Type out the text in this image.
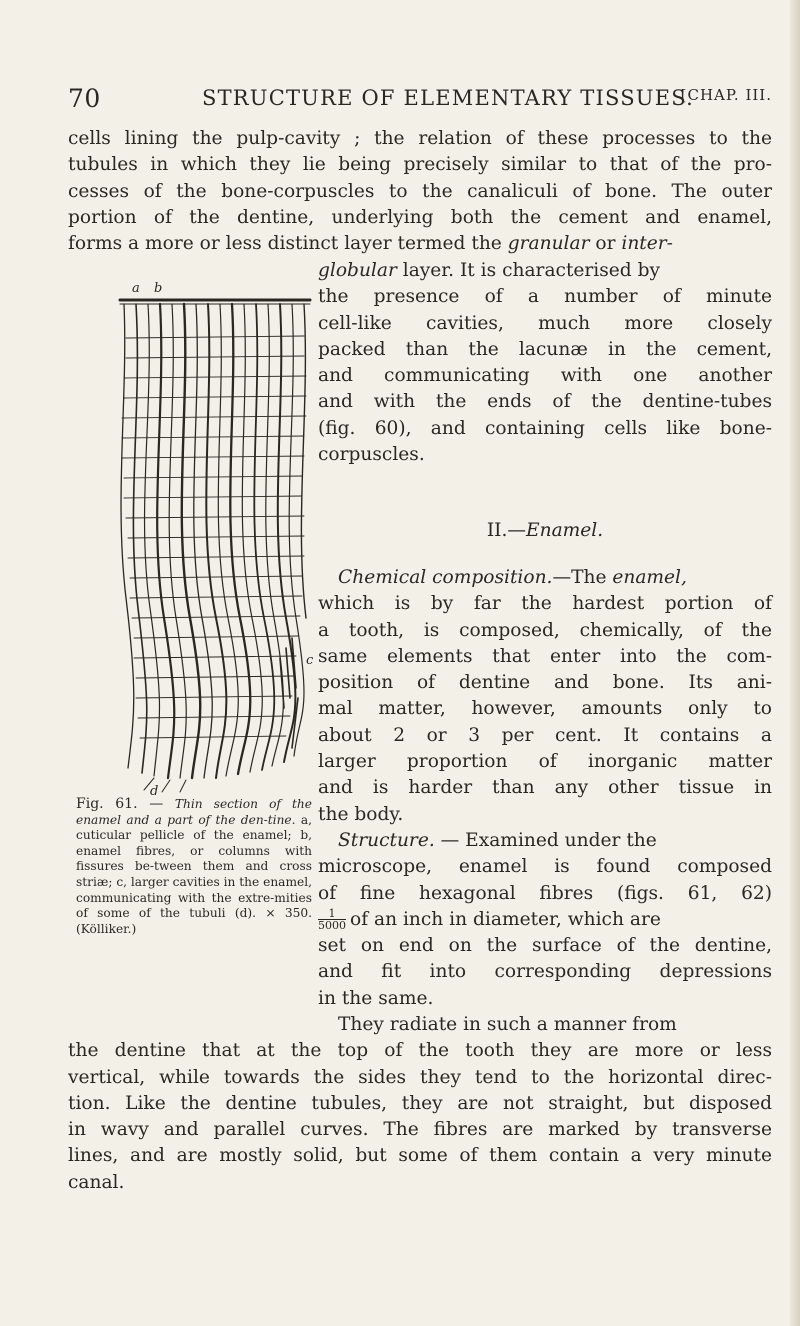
70	STRUCTURE OF ELEMENTARY TISSUES.
[CHAP. III.
cells lining the pulp-cavity ; the relation of these processes to the
tubules in which they lie being precisely similar to that of the pro-
cesses of the bone-corpuscles to the canaliculi of bone. The outer
portion of the dentine, underlying both the cement and enamel,
forms a more or less distinct layer termed the granular or inter-
globular layer. It is characterised by
the presence of a number of minute
cell-like cavities, much more closely
packed than the lacunæ in the cement,
and communicating with one another
and with the ends of the dentine-tubes
(fig. 60), and containing cells like bone-
corpuscles.
II.—Enamel.
Chemical composition.—The enamel,
which is by far the hardest portion of
a tooth, is composed, chemically, of the
same elements that enter into the com-
position of dentine and bone. Its ani-
mal matter, however, amounts only to
about 2 or 3 per cent. It contains a
larger proportion of inorganic matter
and is harder than any other tissue in
the body.
Structure. — Examined under the
microscope, enamel is found composed
of fine hexagonal fibres (figs. 61, 62)
$\frac{1}{5000}$ of an inch in diameter, which are
set on end on the surface of the dentine,
and fit into corresponding depressions
in the same.
They radiate in such a manner from
the dentine that at the top of the tooth they are more or less
vertical, while towards the sides they tend to the horizontal direc-
tion. Like the dentine tubules, they are not straight, but disposed
in wavy and parallel curves. The fibres are marked by transverse
lines, and are mostly solid, but some of them contain a very minute
canal.
a b
c
d
Fig. 61. — Thin section of the enamel and a part of the den-tine. a, cuticular pellicle of the enamel; b, enamel fibres, or columns with fissures be-tween them and cross striæ; c, larger cavities in the enamel, communicating with the extre-mities of some of the tubuli (d). × 350. (Kölliker.)
